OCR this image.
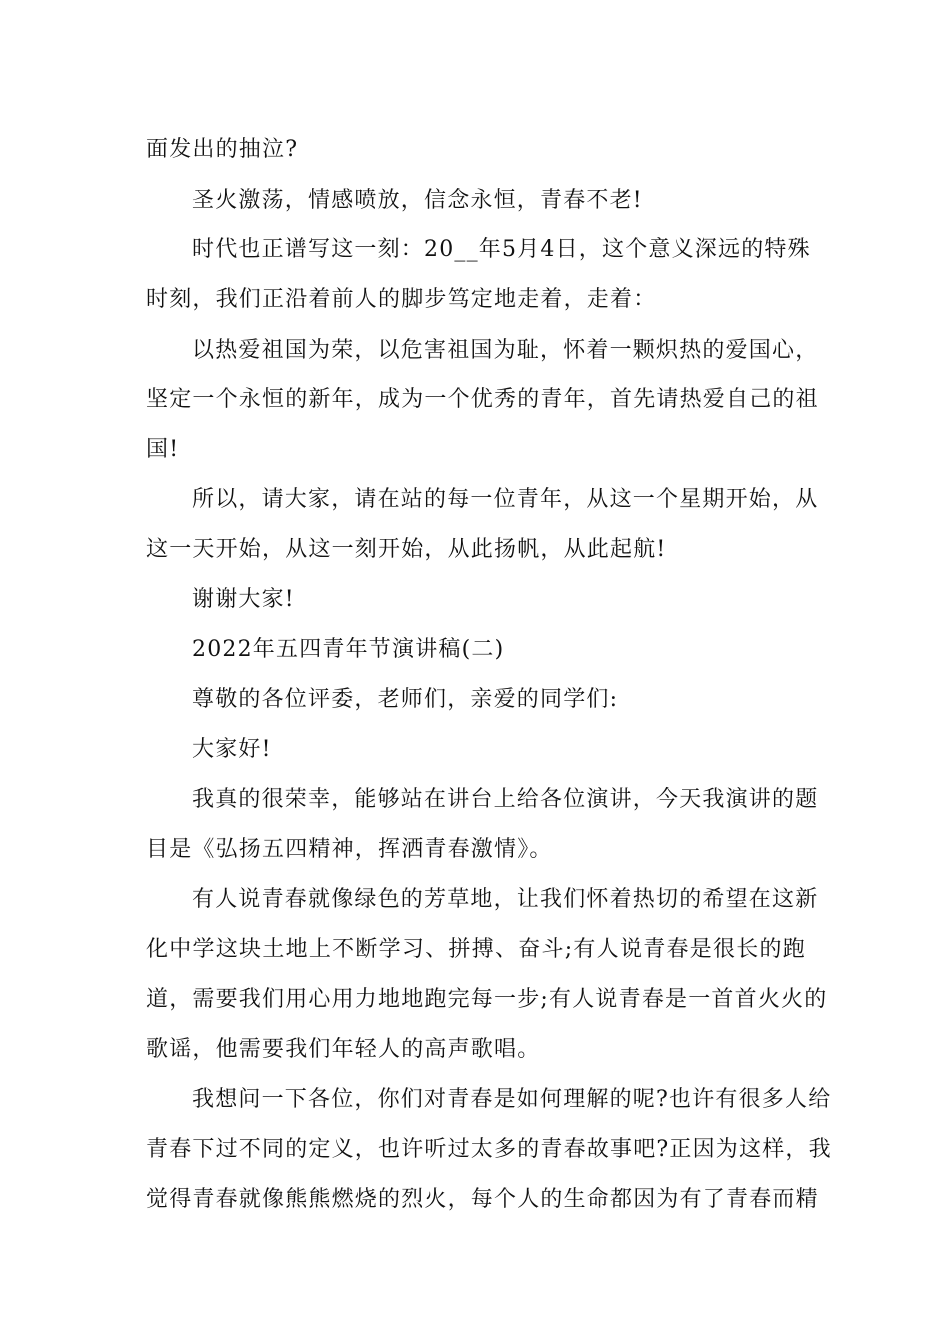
面发出的抽泣?

圣火激荡，情感喷放，信念永恒，青春不老!

时代也正谱写这一刻：20__年5月4日，这个意义深远的特殊

时刻，我们正沿着前人的脚步笃定地走着，走着：

以热爱祖国为荣，以危害祖国为耻，怀着一颗炽热的爱国心，

坚定一个永恒的新年，成为一个优秀的青年，首先请热爱自己的祖

国!

所以，请大家，请在站的每一位青年，从这一个星期开始，从

这一天开始，从这一刻开始，从此扬帆，从此起航!

谢谢大家!

2022年五四青年节演讲稿(二)

尊敬的各位评委，老师们，亲爱的同学们:

大家好!

我真的很荣幸，能够站在讲台上给各位演讲，今天我演讲的题

目是《弘扬五四精神，挥洒青春激情》。

有人说青春就像绿色的芳草地，让我们怀着热切的希望在这新

化中学这块土地上不断学习、拼搏、奋斗;有人说青春是很长的跑

道，需要我们用心用力地地跑完每一步;有人说青春是一首首火火的

歌谣，他需要我们年轻人的高声歌唱。

我想问一下各位，你们对青春是如何理解的呢?也许有很多人给

青春下过不同的定义，也许听过太多的青春故事吧?正因为这样，我

觉得青春就像熊熊燃烧的烈火，每个人的生命都因为有了青春而精
